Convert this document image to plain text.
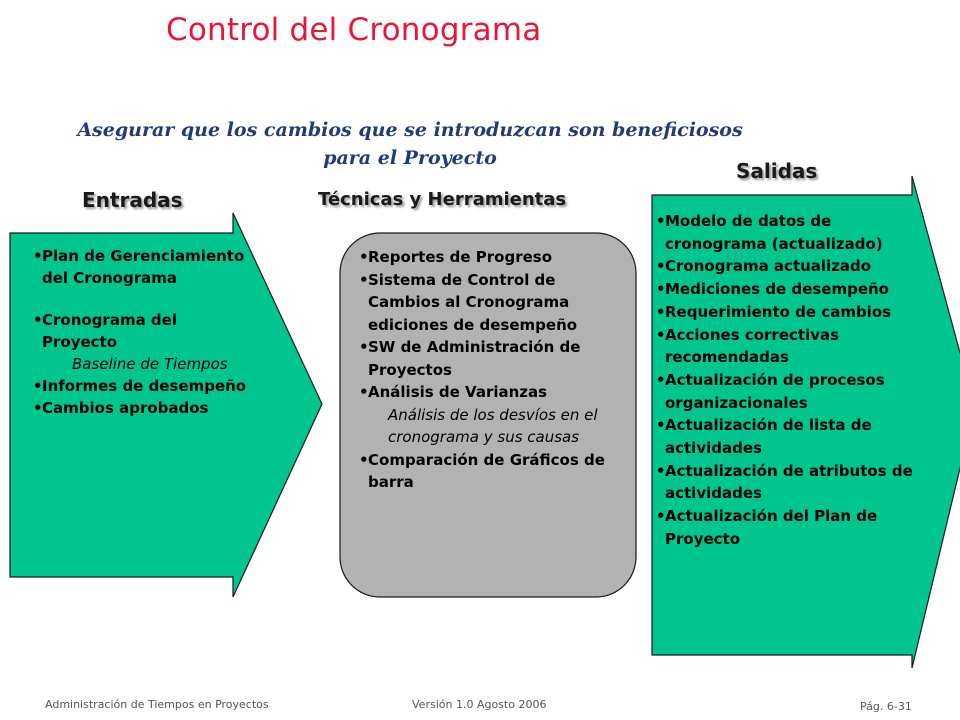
Control del Cronograma
Asegurar que los cambios que se introduzcan son beneficiosos
para el Proyecto
Entradas	Técnicas y Herramientas
Salidas
• Plan de Gerenciamiento del Cronograma
• Cronograma del Proyecto
Baseline de Tiempos
• Informes de desempeño
• Cambios aprobados
• Reportes de Progreso
• Sistema de Control de Cambios al Cronograma ediciones de desempeño
• SW de Administración de Proyectos
• Análisis de Varianzas
Análisis de los desvíos en el cronograma y sus causas
• Comparación de Gráficos de barra
• Modelo de datos de cronograma (actualizado)
• Cronograma actualizado
• Mediciones de desempeño
• Requerimiento de cambios
• Acciones correctivas recomendadas
• Actualización de procesos organizacionales
• Actualización de lista de actividades
• Actualización de atributos de actividades
• Actualización del Plan de Proyecto
Administración de Tiempos en Proyectos	Versión 1.0 Agosto 2006	Pág. 6-31
